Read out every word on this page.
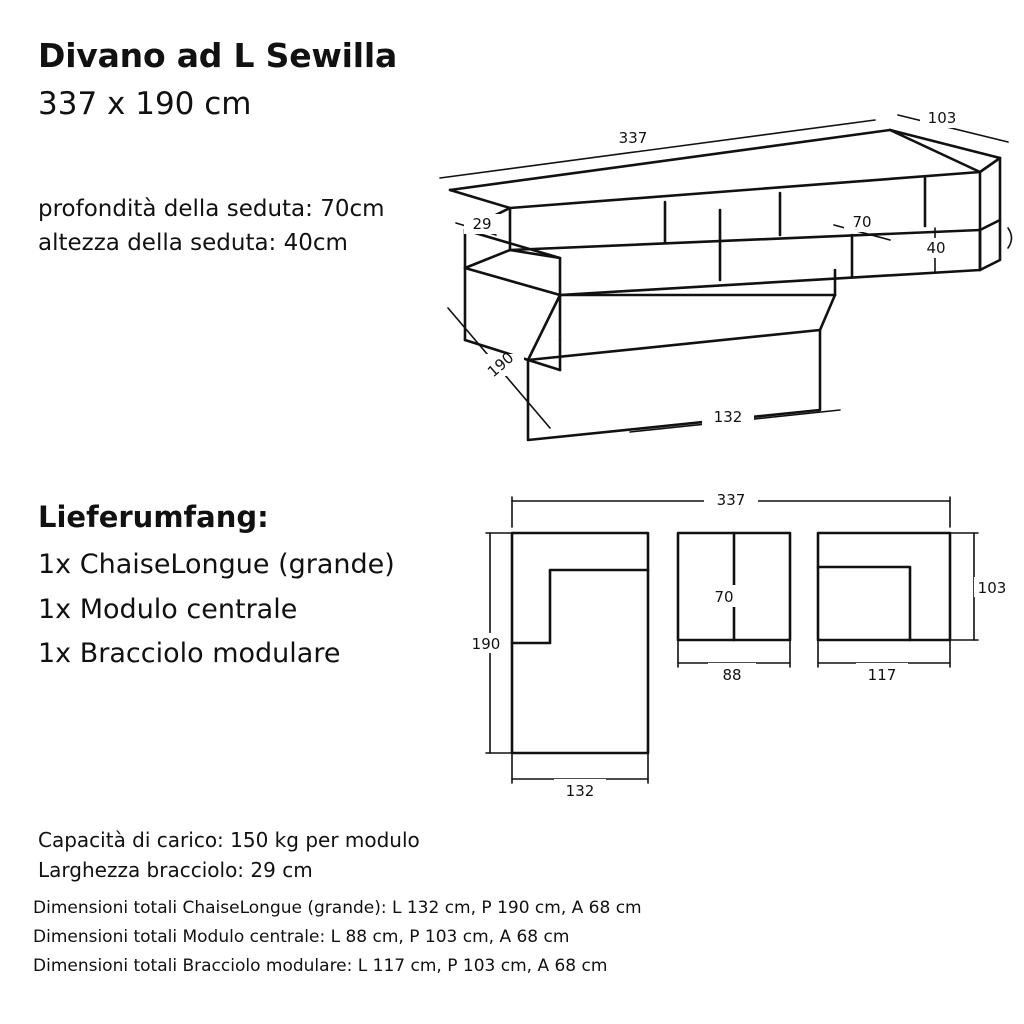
Divano ad L Sewilla
337 x 190 cm
profondità della seduta: 70cm
altezza della seduta: 40cm
Lieferumfang:
1x ChaiseLongue (grande)
1x Modulo centrale
1x Bracciolo modulare
Capacità di carico: 150 kg per modulo
Larghezza bracciolo: 29 cm
Dimensioni totali ChaiseLongue (grande): L 132 cm, P 190 cm, A 68 cm
Dimensioni totali Modulo centrale: L 88 cm, P 103 cm, A 68 cm
Dimensioni totali Bracciolo modulare: L 117 cm, P 103 cm, A 68 cm
337
103
29	70
40
190
132
337
190
132
70
88	117
103
